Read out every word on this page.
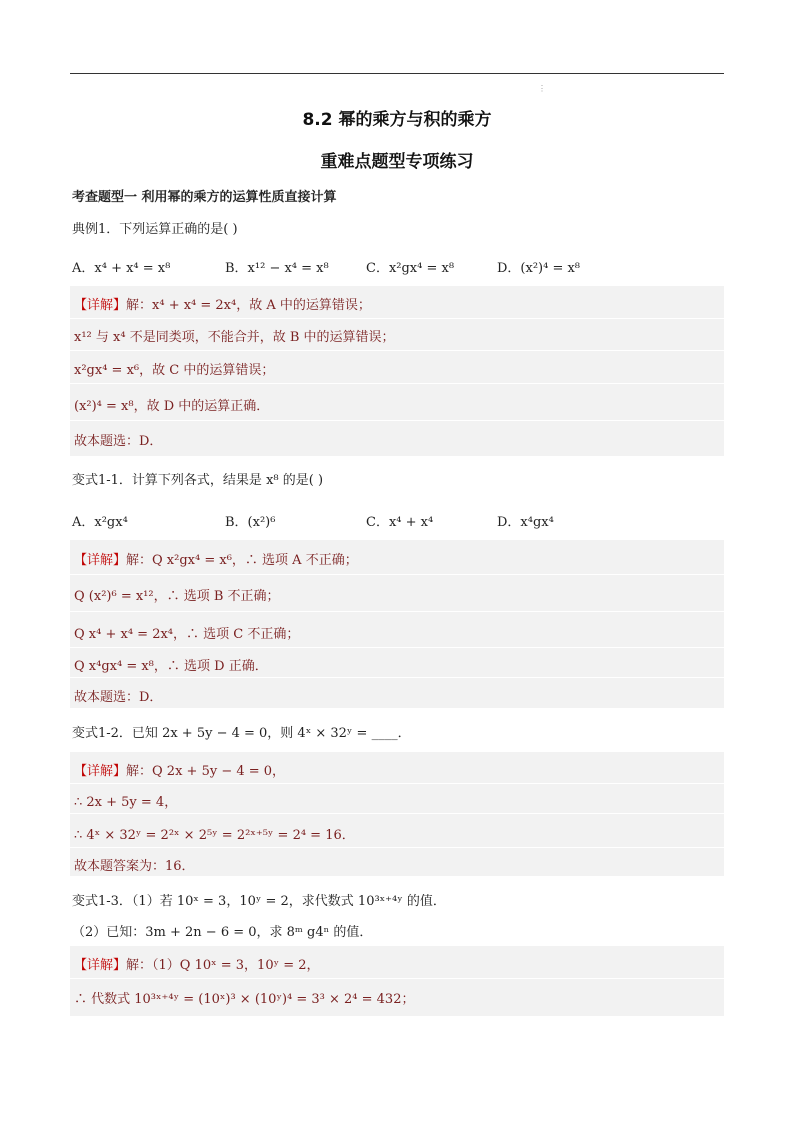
⋮
8.2 幂的乘方与积的乘方
重难点题型专项练习
考查题型一 利用幂的乘方的运算性质直接计算
典例1．下列运算正确的是( )
A．x⁴ + x⁴ = x⁸	B．x¹² − x⁴ = x⁸	C．x²gx⁴ = x⁸	D．(x²)⁴ = x⁸
【详解】解：x⁴ + x⁴ = 2x⁴，故 A 中的运算错误；
x¹² 与 x⁴ 不是同类项，不能合并，故 B 中的运算错误；
x²gx⁴ = x⁶，故 C 中的运算错误；
(x²)⁴ = x⁸，故 D 中的运算正确．
故本题选：D．
变式1-1．计算下列各式，结果是 x⁸ 的是( )
A．x²gx⁴	B．(x²)⁶	C．x⁴ + x⁴	D．x⁴gx⁴
【详解】解：Q x²gx⁴ = x⁶，∴ 选项 A 不正确；
Q (x²)⁶ = x¹²，∴ 选项 B 不正确；
Q x⁴ + x⁴ = 2x⁴，∴ 选项 C 不正确；
Q x⁴gx⁴ = x⁸，∴ 选项 D 正确．
故本题选：D．
变式1-2．已知 2x + 5y − 4 = 0，则 4ˣ × 32ʸ = ____．
【详解】解：Q 2x + 5y − 4 = 0，
∴ 2x + 5y = 4，
∴ 4ˣ × 32ʸ = 2²ˣ × 2⁵ʸ = 2²ˣ⁺⁵ʸ = 2⁴ = 16．
故本题答案为：16．
变式1-3．（1）若 10ˣ = 3，10ʸ = 2，求代数式 10³ˣ⁺⁴ʸ 的值．
（2）已知：3m + 2n − 6 = 0，求 8ᵐ g4ⁿ 的值．
【详解】解：（1）Q 10ˣ = 3，10ʸ = 2，
∴ 代数式 10³ˣ⁺⁴ʸ = (10ˣ)³ × (10ʸ)⁴ = 3³ × 2⁴ = 432；
